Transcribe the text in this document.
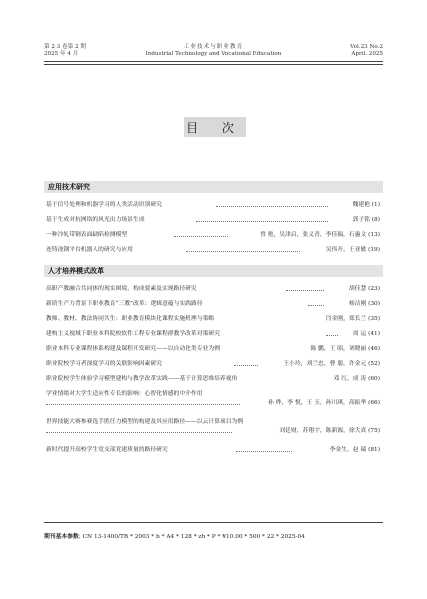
第 2 3 卷第 2 期
2025 年 4 月
工业技术与职业教育
Industrial Technology and Vocational Education
Vol.23 No.2
April. 2025
目 次
应用技术研究
基于信号处理和机器学习的人类活动识别研究	魏建艳 (1)
基于生成对抗网络的风光出力场景生成	郭子铭 (8)
一种冷轧带钢表面缺陷检测模型	曾 艳，吴津启，张义青，李佳瑞，石惠文 (13)
连铸浇钢平台机器人的研究与应用	吴伟开，王亚敏 (19)
人才培养模式改革
高职产教融合共同体的现实困境、构成要素及实现路径研究	胡佳慧 (23)
新质生产力背景下职业教育“三教”改革：逻辑意蕴与实践路径	杨洁刚 (30)
教师、教材、教法协同共生：职业教育模块化课程实施机理与策略	闫金刚，郑长兰 (35)
建构主义视域下职业本科院校软件工程专业课程群教学改革对策研究	周 运 (41)
职业本科专业课程体系构建及课程开发研究——以自动化类专业为例	陈 鹏，王 昭，刘晓丽 (46)
职业院校学习者深度学习的关联影响因素研究	王小玲，刘兰忠，曹 聪，许金元 (52)
职业院校学生体验学习模型建构与教学改革实践——基于计算思维培养视角	邓 红，成 涛 (60)
学业情绪对大学生适应性专长的影响：心智化情感的中介作用
孙 烨，李 悦，王 玉，孙川琪，高振华 (66)
世界技能大赛参赛选手胜任力模型的构建及其应用路径——以云计算项目为例
刘廷财，苏翔宇，陈新源，徐大真 (75)
新时代提升高校学生党支部党建质量的路径研究	李金生，赵 瑞 (81)
期刊基本参数: CN 13-1400/TB * 2003 * b * A4 * 128 * zh * P * ¥10.00 * 500 * 22 * 2025-04
